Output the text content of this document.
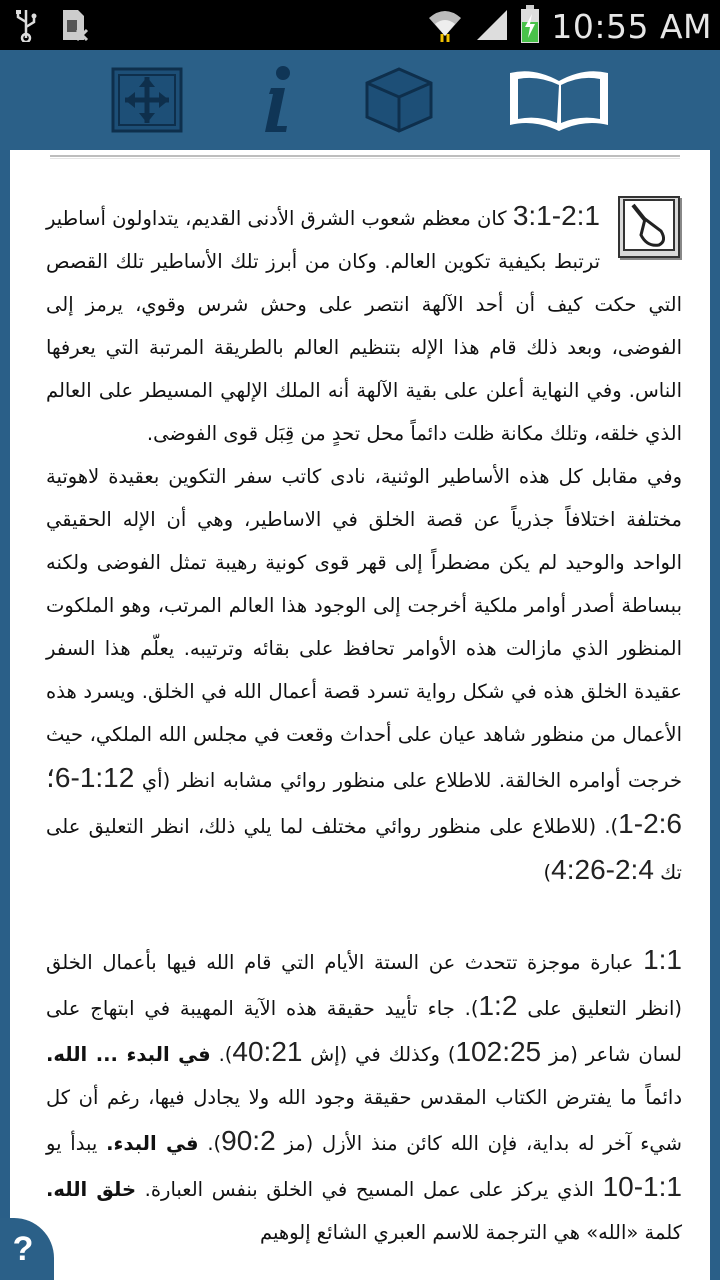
10:55 AM

3:1-2:1 كان معظم شعوب الشرق الأدنى القديم، يتداولون أساطير ترتبط بكيفية تكوين العالم. وكان من أبرز تلك الأساطير تلك القصص التي حكت كيف أن أحد الآلهة انتصر على وحش شرس وقوي، يرمز إلى الفوضى، وبعد ذلك قام هذا الإله بتنظيم العالم بالطريقة المرتبة التي يعرفها الناس. وفي النهاية أعلن على بقية الآلهة أنه الملك الإلهي المسيطر على العالم الذي خلقه، وتلك مكانة ظلت دائماً محل تحدٍ من قِبَل قوى الفوضى.

وفي مقابل كل هذه الأساطير الوثنية، نادى كاتب سفر التكوين بعقيدة لاهوتية مختلفة اختلافاً جذرياً عن قصة الخلق في الاساطير، وهي أن الإله الحقيقي الواحد والوحيد لم يكن مضطراً إلى قهر قوى كونية رهيبة تمثل الفوضى ولكنه ببساطة أصدر أوامر ملكية أخرجت إلى الوجود هذا العالم المرتب، وهو الملكوت المنظور الذي مازالت هذه الأوامر تحافظ على بقائه وترتيبه. يعلّم هذا السفر عقيدة الخلق هذه في شكل رواية تسرد قصة أعمال الله في الخلق. ويسرد هذه الأعمال من منظور شاهد عيان على أحداث وقعت في مجلس الله الملكي، حيث خرجت أوامره الخالقة. للاطلاع على منظور روائي مشابه انظر (أي 1:12-6؛ 2:6-1). (للاطلاع على منظور روائي مختلف لما يلي ذلك، انظر التعليق على تك 2:4-4:26)

1:1 عبارة موجزة تتحدث عن الستة الأيام التي قام الله فيها بأعمال الخلق (انظر التعليق على 1:2). جاء تأييد حقيقة هذه الآية المهيبة في ابتهاج على لسان شاعر (مز 102:25) وكذلك في (إش 40:21). في البدء ... الله. دائماً ما يفترض الكتاب المقدس حقيقة وجود الله ولا يجادل فيها، رغم أن كل شيء آخر له بداية، فإن الله كائن منذ الأزل (مز 90:2). في البدء. يبدأ يو 1:1-10 الذي يركز على عمل المسيح في الخلق بنفس العبارة. خلق الله. كلمة «الله» هي الترجمة للاسم العبري الشائع إلوهيم

?
